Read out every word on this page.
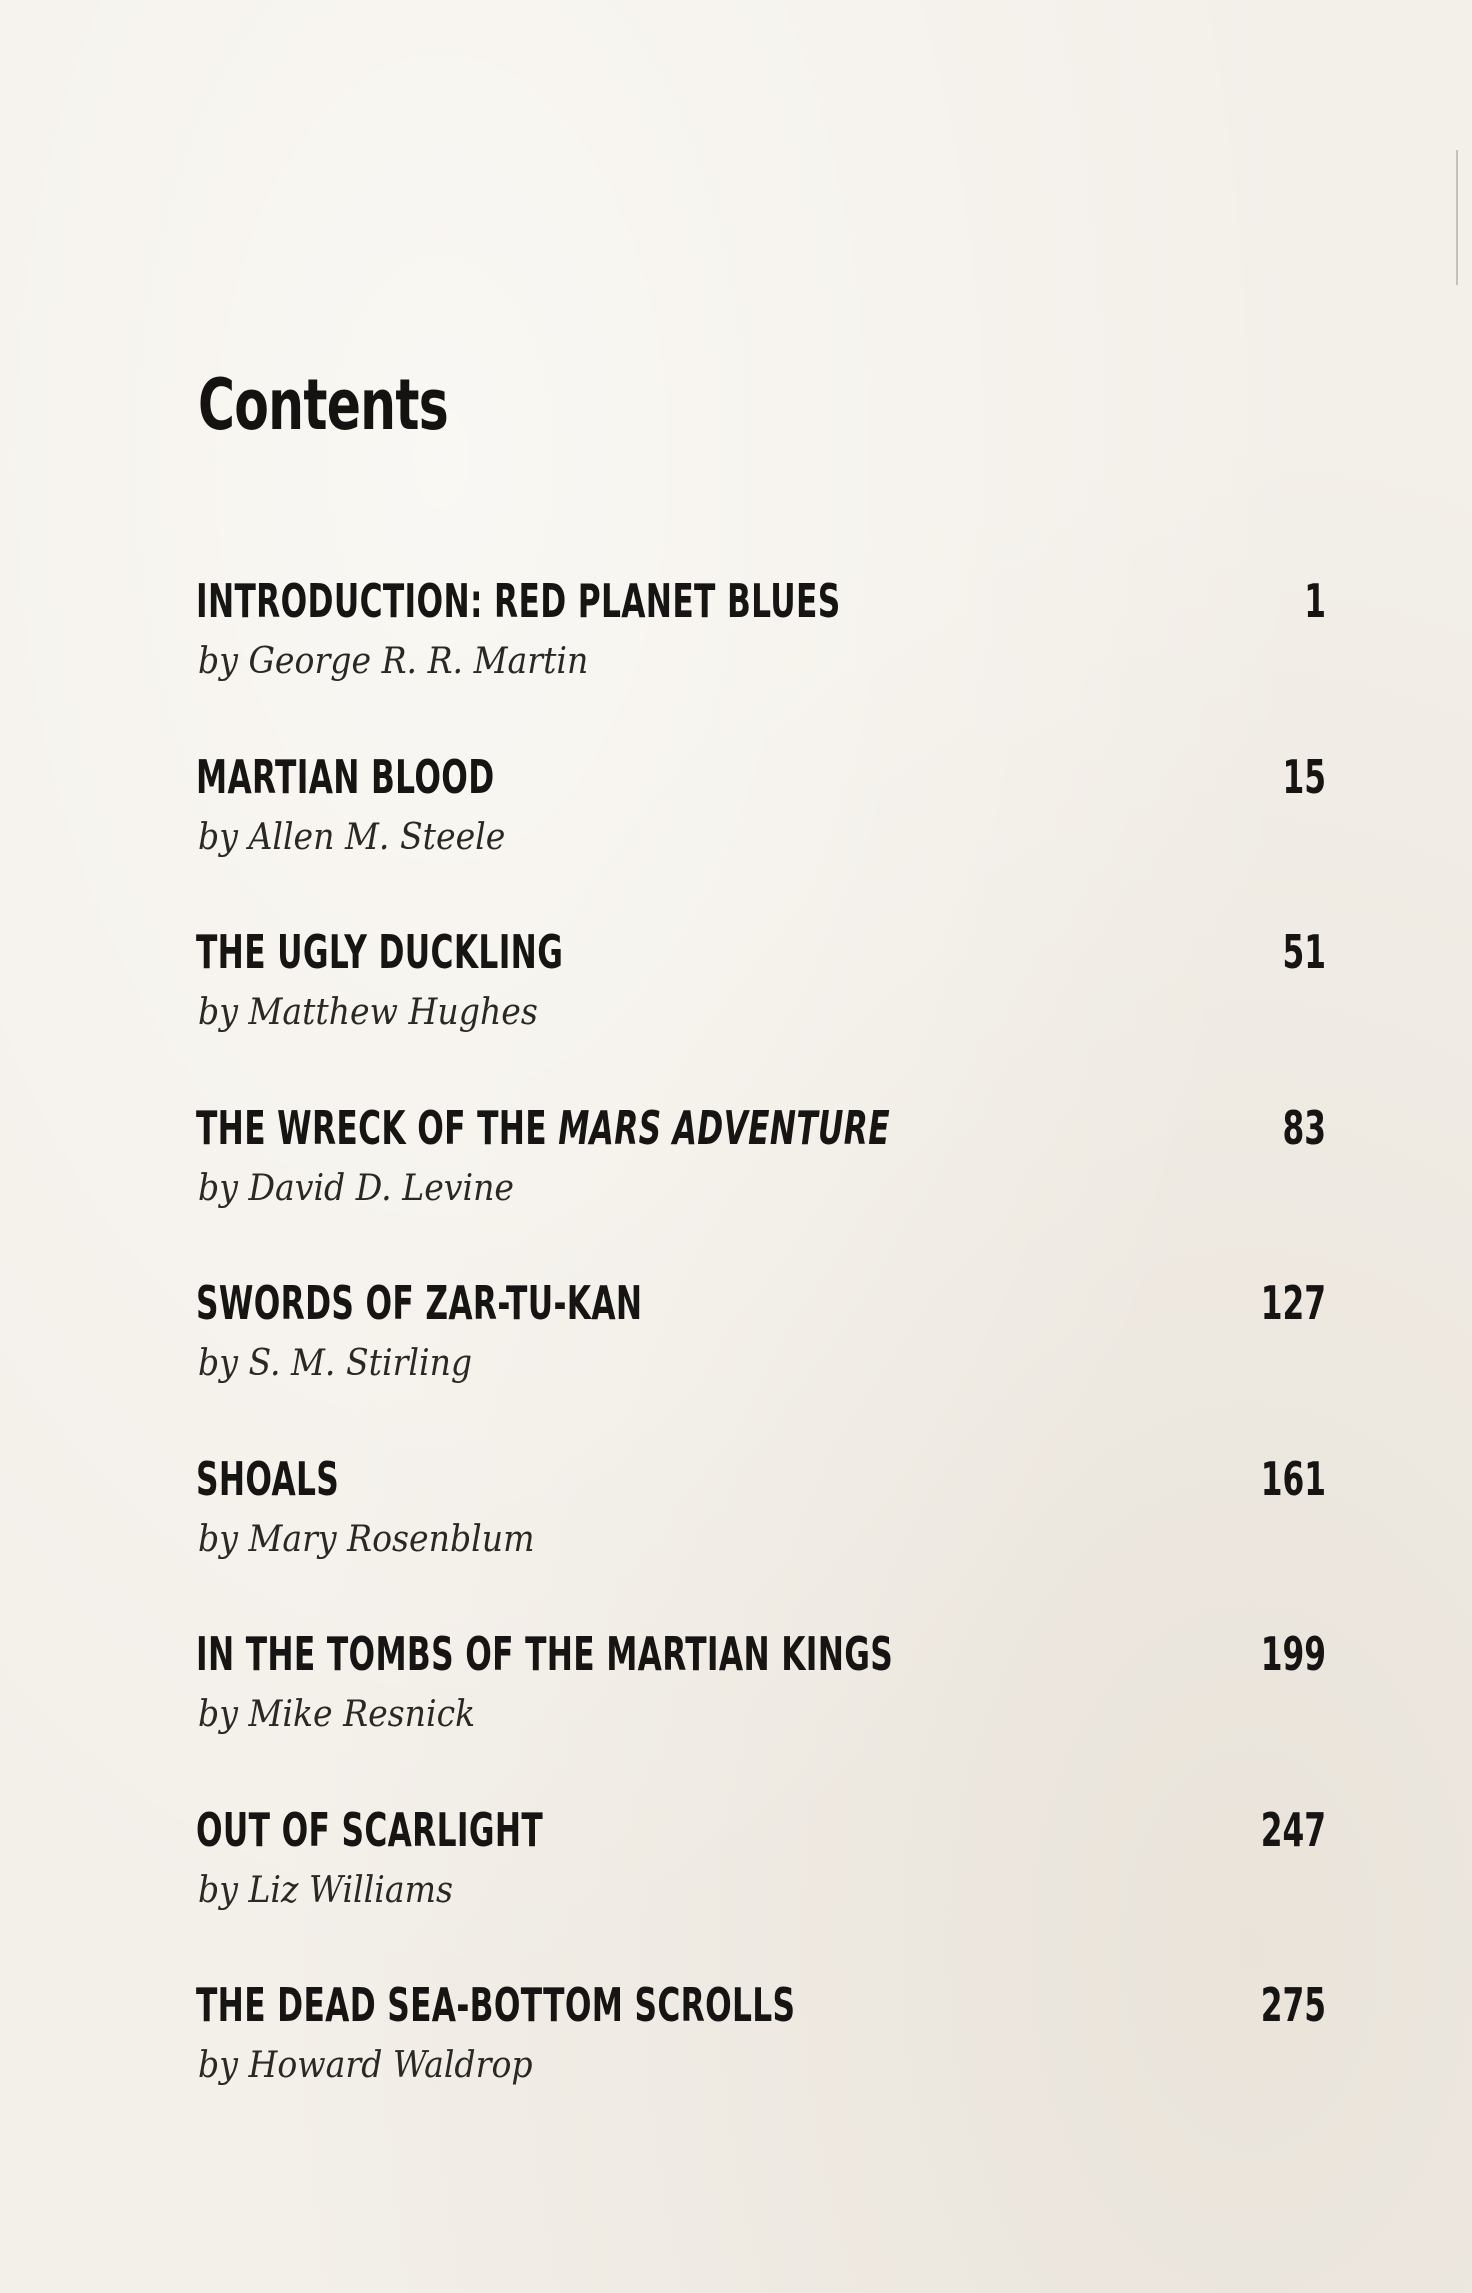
Contents
INTRODUCTION: RED PLANET BLUES	1
by George R. R. Martin
MARTIAN BLOOD	15
by Allen M. Steele
THE UGLY DUCKLING	51
by Matthew Hughes
THE WRECK OF THE MARS ADVENTURE	83
by David D. Levine
SWORDS OF ZAR-TU-KAN	127
by S. M. Stirling
SHOALS	161
by Mary Rosenblum
IN THE TOMBS OF THE MARTIAN KINGS	199
by Mike Resnick
OUT OF SCARLIGHT	247
by Liz Williams
THE DEAD SEA-BOTTOM SCROLLS	275
by Howard Waldrop
